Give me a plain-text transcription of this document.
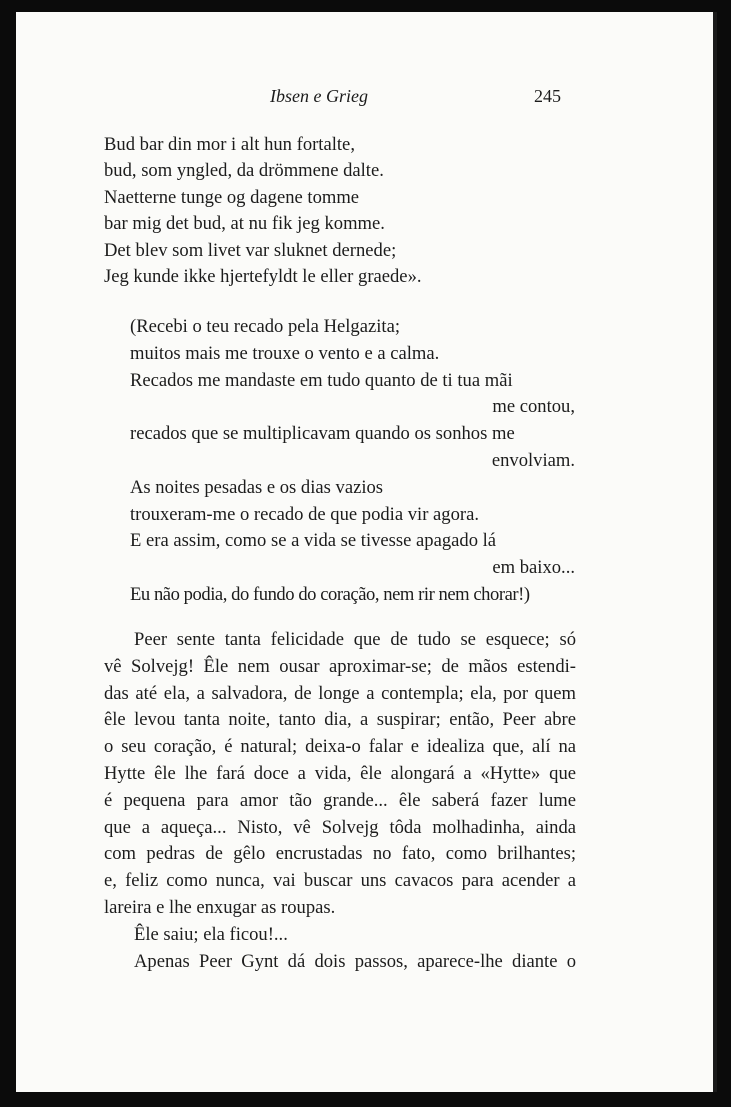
Ibsen e Grieg	245
Bud bar din mor i alt hun fortalte,
bud, som yngled, da drömmene dalte.
Naetterne tunge og dagene tomme
bar mig det bud, at nu fik jeg komme.
Det blev som livet var sluknet dernede;
Jeg kunde ikke hjertefyldt le eller graede».
(Recebi o teu recado pela Helgazita;
muitos mais me trouxe o vento e a calma.
Recados me mandaste em tudo quanto de ti tua mãi
me contou,
recados que se multiplicavam quando os sonhos me
envolviam.
As noites pesadas e os dias vazios
trouxeram-me o recado de que podia vir agora.
E era assim, como se a vida se tivesse apagado lá
em baixo...
Eu não podia, do fundo do coração, nem rir nem chorar!)
Peer sente tanta felicidade que de tudo se esquece; só
vê Solvejg! Êle nem ousar aproximar-se; de mãos estendi-
das até ela, a salvadora, de longe a contempla; ela, por quem
êle levou tanta noite, tanto dia, a suspirar; então, Peer abre
o seu coração, é natural; deixa-o falar e idealiza que, alí na
Hytte êle lhe fará doce a vida, êle alongará a «Hytte» que
é pequena para amor tão grande... êle saberá fazer lume
que a aqueça... Nisto, vê Solvejg tôda molhadinha, ainda
com pedras de gêlo encrustadas no fato, como brilhantes;
e, feliz como nunca, vai buscar uns cavacos para acender a
lareira e lhe enxugar as roupas.
Êle saiu; ela ficou!...
Apenas Peer Gynt dá dois passos, aparece-lhe diante o
